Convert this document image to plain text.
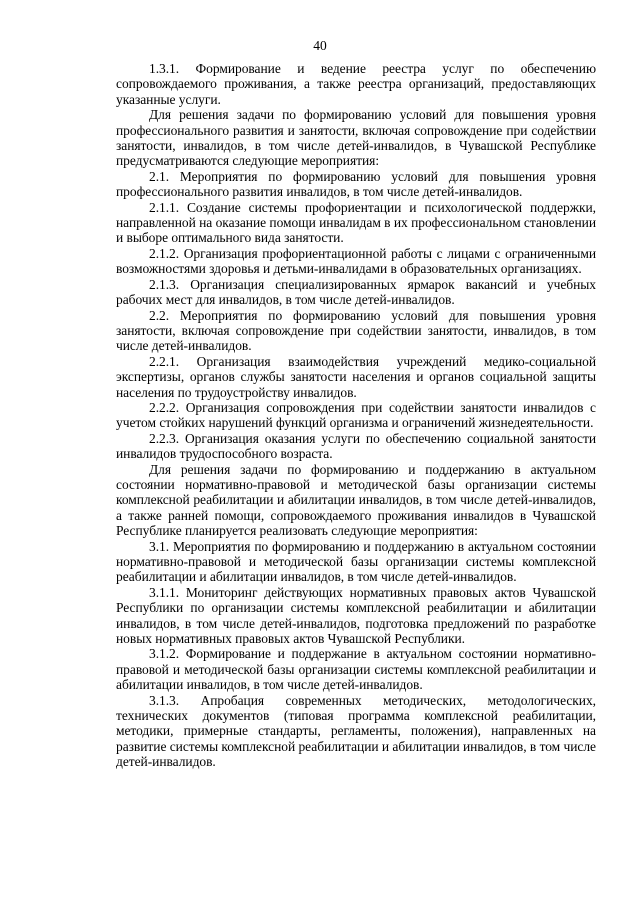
40

1.3.1. Формирование и ведение реестра услуг по обеспечению сопровождаемого проживания, а также реестра организаций, предоставляющих указанные услуги.

Для решения задачи по формированию условий для повышения уровня профессионального развития и занятости, включая сопровождение при содействии занятости, инвалидов, в том числе детей-инвалидов, в Чувашской Республике предусматриваются следующие мероприятия:

2.1. Мероприятия по формированию условий для повышения уровня профессионального развития инвалидов, в том числе детей-инвалидов.

2.1.1. Создание системы профориентации и психологической поддержки, направленной на оказание помощи инвалидам в их профессиональном становлении и выборе оптимального вида занятости.

2.1.2. Организация профориентационной работы с лицами с ограниченными возможностями здоровья и детьми-инвалидами в образовательных организациях.

2.1.3. Организация специализированных ярмарок вакансий и учебных рабочих мест для инвалидов, в том числе детей-инвалидов.

2.2. Мероприятия по формированию условий для повышения уровня занятости, включая сопровождение при содействии занятости, инвалидов, в том числе детей-инвалидов.

2.2.1. Организация взаимодействия учреждений медико-социальной экспертизы, органов службы занятости населения и органов социальной защиты населения по трудоустройству инвалидов.

2.2.2. Организация сопровождения при содействии занятости инвалидов с учетом стойких нарушений функций организма и ограничений жизнедеятельности.

2.2.3. Организация оказания услуги по обеспечению социальной занятости инвалидов трудоспособного возраста.

Для решения задачи по формированию и поддержанию в актуальном состоянии нормативно-правовой и методической базы организации системы комплексной реабилитации и абилитации инвалидов, в том числе детей-инвалидов, а также ранней помощи, сопровождаемого проживания инвалидов в Чувашской Республике планируется реализовать следующие мероприятия:

3.1. Мероприятия по формированию и поддержанию в актуальном состоянии нормативно-правовой и методической базы организации системы комплексной реабилитации и абилитации инвалидов, в том числе детей-инвалидов.

3.1.1. Мониторинг действующих нормативных правовых актов Чувашской Республики по организации системы комплексной реабилитации и абилитации инвалидов, в том числе детей-инвалидов, подготовка предложений по разработке новых нормативных правовых актов Чувашской Республики.

3.1.2. Формирование и поддержание в актуальном состоянии нормативно-правовой и методической базы организации системы комплексной реабилитации и абилитации инвалидов, в том числе детей-инвалидов.

3.1.3. Апробация современных методических, методологических, технических документов (типовая программа комплексной реабилитации, методики, примерные стандарты, регламенты, положения), направленных на развитие системы комплексной реабилитации и абилитации инвалидов, в том числе детей-инвалидов.
